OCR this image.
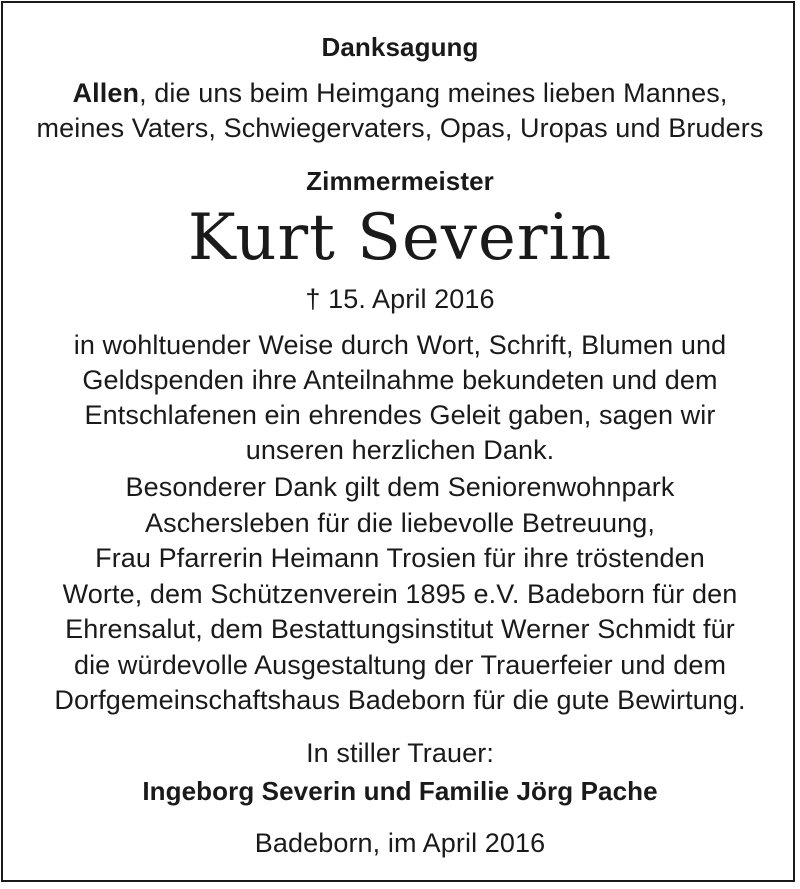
Danksagung
Allen, die uns beim Heimgang meines lieben Mannes,
meines Vaters, Schwiegervaters, Opas, Uropas und Bruders
Zimmermeister
Kurt Severin
† 15. April 2016
in wohltuender Weise durch Wort, Schrift, Blumen und
Geldspenden ihre Anteilnahme bekundeten und dem
Entschlafenen ein ehrendes Geleit gaben, sagen wir
unseren herzlichen Dank.
Besonderer Dank gilt dem Seniorenwohnpark
Aschersleben für die liebevolle Betreuung,
Frau Pfarrerin Heimann Trosien für ihre tröstenden
Worte, dem Schützenverein 1895 e.V. Badeborn für den
Ehrensalut, dem Bestattungsinstitut Werner Schmidt für
die würdevolle Ausgestaltung der Trauerfeier und dem
Dorfgemeinschaftshaus Badeborn für die gute Bewirtung.
In stiller Trauer:
Ingeborg Severin und Familie Jörg Pache
Badeborn, im April 2016
